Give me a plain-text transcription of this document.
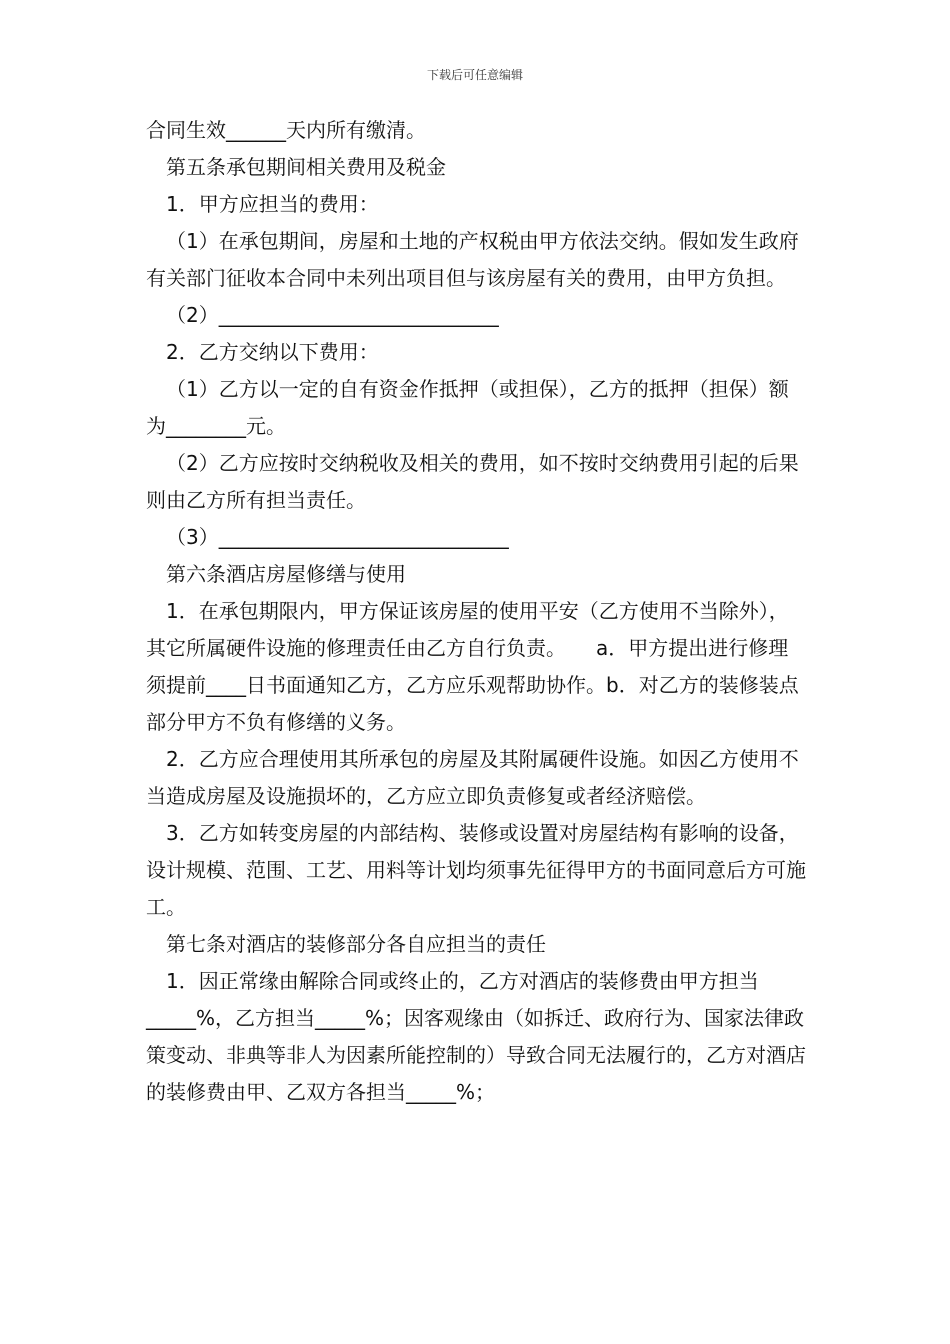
下载后可任意编辑

合同生效______天内所有缴清。

第五条承包期间相关费用及税金

1．甲方应担当的费用：

（1）在承包期间，房屋和土地的产权税由甲方依法交纳。假如发生政府有关部门征收本合同中未列出项目但与该房屋有关的费用，由甲方负担。

（2）____________________________

2．乙方交纳以下费用：

（1）乙方以一定的自有资金作抵押（或担保），乙方的抵押（担保）额为________元。

（2）乙方应按时交纳税收及相关的费用，如不按时交纳费用引起的后果则由乙方所有担当责任。

（3）_____________________________

第六条酒店房屋修缮与使用

1．在承包期限内，甲方保证该房屋的使用平安（乙方使用不当除外），其它所属硬件设施的修理责任由乙方自行负责。　　a．甲方提出进行修理须提前____日书面通知乙方，乙方应乐观帮助协作。b．对乙方的装修装点部分甲方不负有修缮的义务。

2．乙方应合理使用其所承包的房屋及其附属硬件设施。如因乙方使用不当造成房屋及设施损坏的，乙方应立即负责修复或者经济赔偿。

3．乙方如转变房屋的内部结构、装修或设置对房屋结构有影响的设备，设计规模、范围、工艺、用料等计划均须事先征得甲方的书面同意后方可施工。

第七条对酒店的装修部分各自应担当的责任

1．因正常缘由解除合同或终止的，乙方对酒店的装修费由甲方担当_____%，乙方担当_____%；因客观缘由（如拆迁、政府行为、国家法律政策变动、非典等非人为因素所能控制的）导致合同无法履行的，乙方对酒店的装修费由甲、乙双方各担当_____%；
